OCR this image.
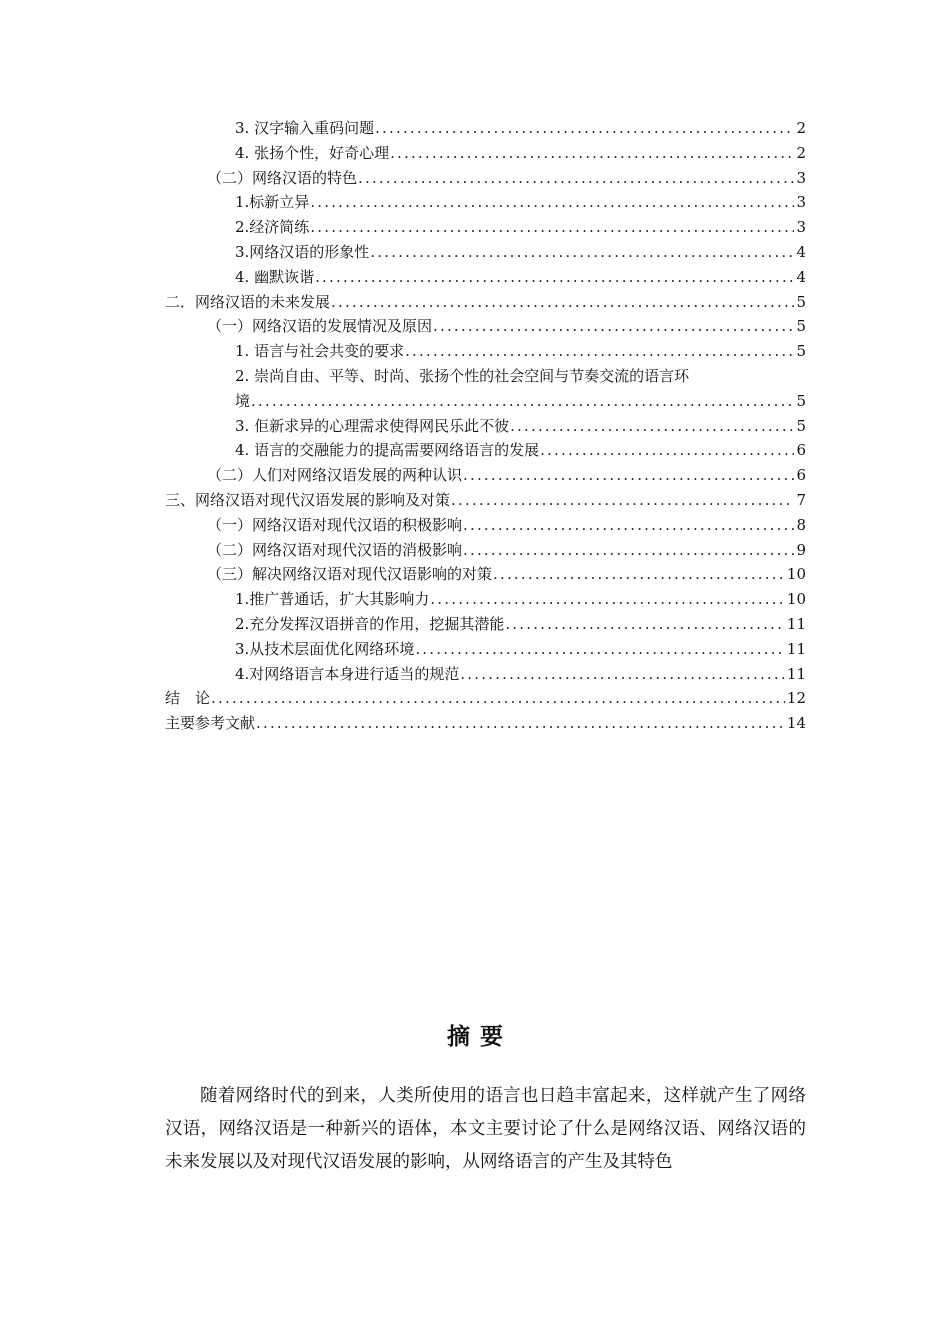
3. 汉字输入重码问题 .....	2
4. 张扬个性，好奇心理 .....	2
（二）网络汉语的特色 .....	3
1.标新立异 .....	3
2.经济简练 .....	3
3.网络汉语的形象性 .....	4
4. 幽默诙谐 .....	4
二．网络汉语的未来发展 .....	5
（一）网络汉语的发展情况及原因 .....	5
1. 语言与社会共变的要求 .....	5
2. 崇尚自由、平等、时尚、张扬个性的社会空间与节奏交流的语言环
境 .....	5
3. 佢新求异的心理需求使得网民乐此不彼 .....	5
4. 语言的交融能力的提高需要网络语言的发展 .....	6
（二）人们对网络汉语发展的两种认识 .....	6
三、网络汉语对现代汉语发展的影响及对策 .....	7
（一）网络汉语对现代汉语的积极影响 .....	8
（二）网络汉语对现代汉语的消极影响 .....	9
（三）解决网络汉语对现代汉语影响的对策 .....	10
1.推广普通话，扩大其影响力 .....	10
2.充分发挥汉语拼音的作用，挖掘其潜能 .....	11
3.从技术层面优化网络环境 .....	11
4.对网络语言本身进行适当的规范 .....	11
结　论 .....	12
主要参考文献 .....	14
摘要

随着网络时代的到来，人类所使用的语言也日趋丰富起来，这样就产生了网络汉语，网络汉语是一种新兴的语体，本文主要讨论了什么是网络汉语、网络汉语的未来发展以及对现代汉语发展的影响，从网络语言的产生及其特色
